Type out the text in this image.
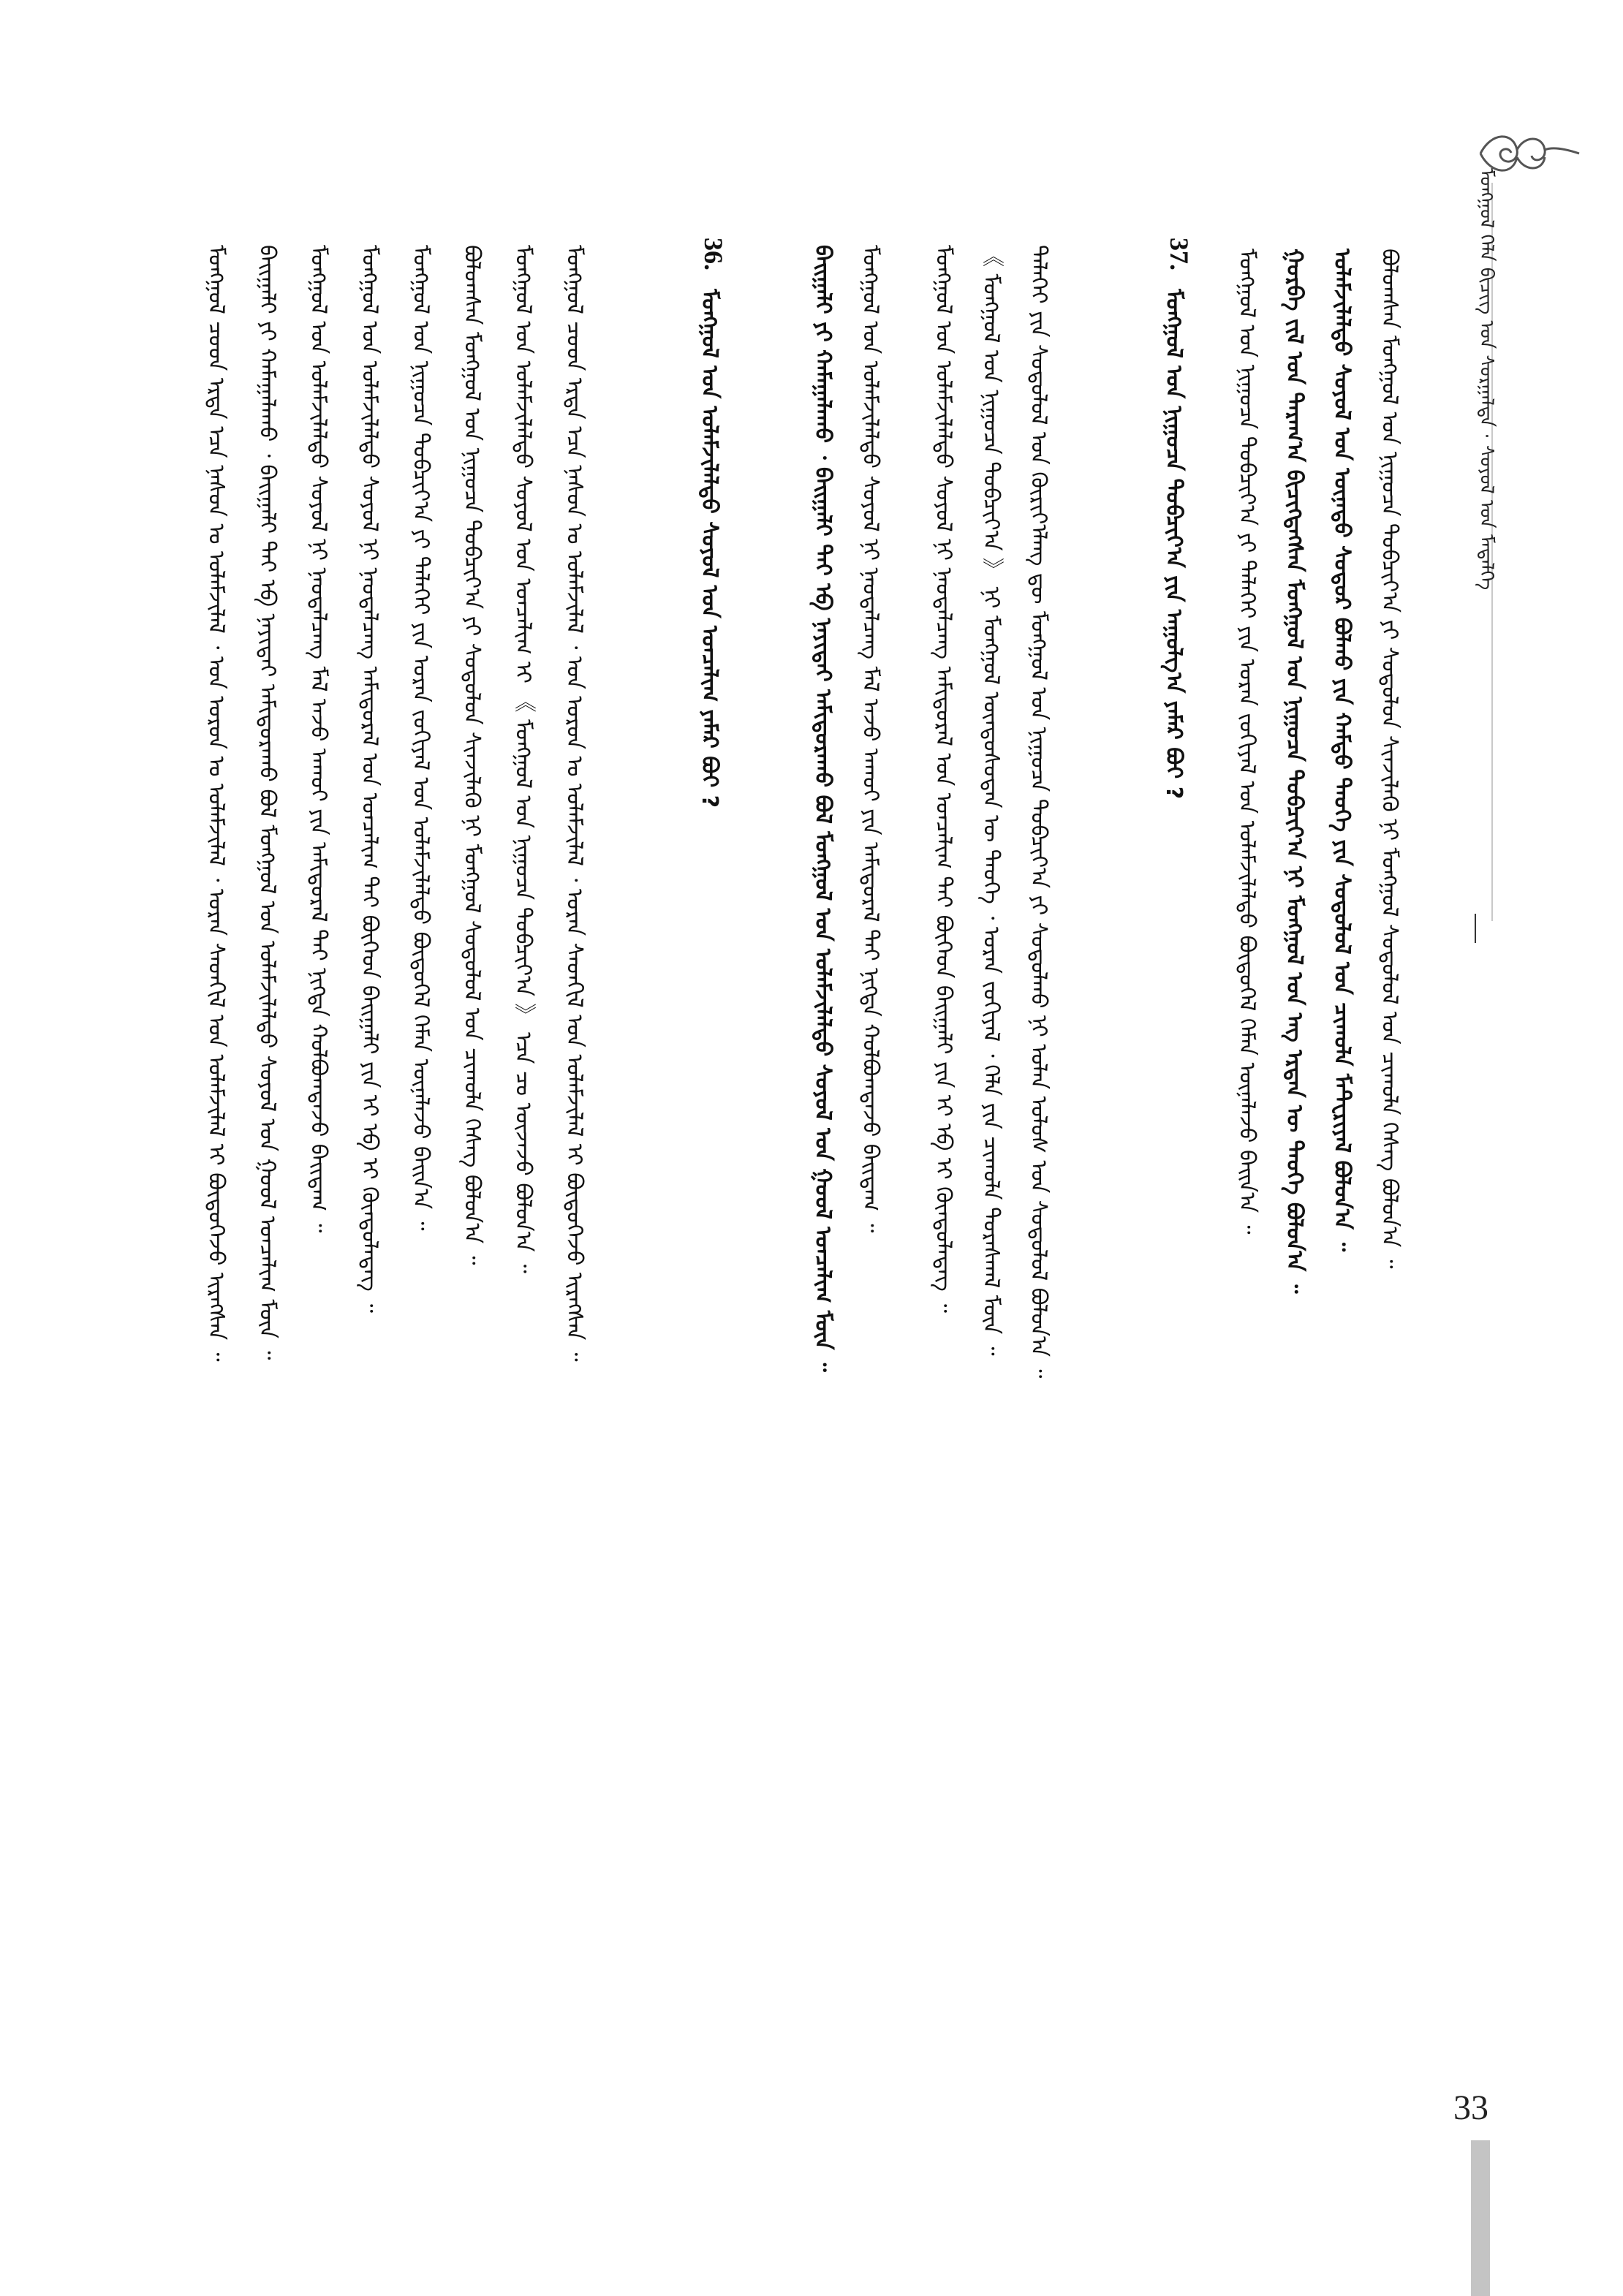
ᠮᠣᠩᠭᠣᠯ ᠬᠡᠯᠡ ᠪᠢᠴᠢᠭ᠌ ᠤᠨ ᠰᠤᠷᠭᠠᠯᠲᠠ · ᠰᠣᠶᠣᠯ ᠤᠨ ᠮᠡᠳᠡᠯᠭᠡ
37.
ᠮᠣᠩᠭᠣᠯ ᠤᠨ ᠨᠢᠭᠤᠴᠠ ᠲᠣᠪᠴᠢᠶ᠎ᠠ ᠶᠢᠨ ᠠᠭᠤᠯᠭ᠎ᠠ ᠶᠠᠮᠠᠷ ᠪᠣᠢ ?	ᠪᠣᠯᠤᠭᠰᠠᠨ ᠮᠣᠩᠭᠣᠯ ᠤᠨ ᠨᠢᠭᠤᠴᠠ ᠲᠣᠪᠴᠢᠶ᠎ᠠ ᠶᠢ ᠰᠤᠳᠤᠯᠤᠨ ᠰᠢᠨᠵᠢᠯᠡᠬᠦ ᠨᠢ ᠮᠣᠩᠭᠣᠯ ᠰᠤᠳᠤᠯᠤᠯ ᠤᠨ ᠴᠢᠬᠤᠯᠠ ᠬᠡᠰᠡᠭ ᠪᠣᠯᠤᠨ᠎ᠠ ᠃
ᠤᠯᠠᠮᠵᠢᠯᠠᠯᠲᠤ ᠰᠣᠶᠣᠯ ᠤᠨ ᠦᠨᠡᠲᠦ ᠰᠤᠳᠤᠷ ᠪᠣᠯᠬᠤ ᠶᠢᠨ ᠬᠠᠮᠲᠤ ᠲᠡᠦᠬᠡ ᠶᠢᠨ ᠰᠤᠳᠤᠯᠤᠯ ᠤᠨ ᠴᠢᠬᠤᠯᠠ ᠮᠠᠲ᠋ᠧᠷᠢᠶᠠᠯ ᠪᠣᠯᠤᠨ᠎ᠠ ᠃
ᠭᠤᠷᠪᠠ ᠵᠢᠯ ᠤᠨ ᠳᠠᠷᠠᠭ᠎ᠠ ᠪᠢᠴᠢᠭᠳᠡᠭᠰᠡᠨ ᠮᠣᠩᠭᠣᠯ ᠤᠨ ᠨᠢᠭᠤᠴᠠ ᠲᠣᠪᠴᠢᠶ᠎ᠠ ᠨᠢ ᠮᠣᠩᠭᠣᠯ ᠤᠨ ᠡᠩ ᠡᠷᠲᠡᠨ ᠦ ᠲᠡᠦᠬᠡ ᠪᠣᠯᠤᠨ᠎ᠠ ᠃
ᠮᠣᠩᠭᠣᠯ ᠤᠨ ᠨᠢᠭᠤᠴᠠ ᠲᠣᠪᠴᠢᠶ᠎ᠠ ᠶᠢ ᠳᠡᠯᠡᠬᠡᠢ ᠶᠢᠨ ᠤᠷᠠᠨ ᠵᠣᠬᠢᠶᠠᠯ ᠤᠨ ᠤᠯᠠᠮᠵᠢᠯᠠᠯᠲᠤ ᠪᠦᠲᠦᠭᠡᠯ ᠬᠡᠮᠡᠨ ᠦᠨᠡᠯᠡᠵᠦ ᠪᠠᠢᠨ᠎ᠠ ᠃
ᠳᠡᠯᠡᠬᠡᠢ ᠶᠢᠨ ᠰᠤᠳᠤᠯᠤᠯ ᠤᠨ ᠬᠦᠷᠢᠶ᠎ᠡᠯᠡᠩ ᠳᠦ ᠮᠣᠩᠭᠣᠯ ᠤᠨ ᠨᠢᠭᠤᠴᠠ ᠲᠣᠪᠴᠢᠶ᠎ᠠ ᠶᠢ ᠰᠤᠳᠤᠯᠬᠤ ᠨᠢ ᠣᠯᠠᠨ ᠤᠯᠤᠰ ᠤᠨ ᠰᠤᠳᠤᠯᠤᠯ ᠪᠣᠯᠤᠨ᠎ᠠ ᠃
《 ᠮᠣᠩᠭᠣᠯ ᠤᠨ ᠨᠢᠭᠤᠴᠠ ᠲᠣᠪᠴᠢᠶ᠎ᠠ 》 ᠨᠢ ᠮᠣᠩᠭᠣᠯ ᠦᠨᠳᠦᠰᠦᠲᠡᠨ ᠦ ᠲᠡᠦᠬᠡ ᠂ ᠤᠷᠠᠨ ᠵᠣᠬᠢᠶᠠᠯ ᠂ ᠬᠡᠯᠡ ᠶᠢᠨ ᠴᠢᠬᠤᠯᠠ ᠳᠤᠷᠠᠰᠬᠠᠯ ᠮᠥᠨ ᠃
ᠮᠣᠩᠭᠣᠯ ᠤᠨ ᠤᠯᠠᠮᠵᠢᠯᠠᠯᠲᠤ ᠰᠣᠶᠣᠯ ᠨᠢ ᠨᠡᠦᠳᠡᠯᠴᠡᠩ ᠠᠮᠢᠳᠤᠷᠠᠯ ᠤᠨ ᠣᠨᠴᠠᠯᠢᠭ ᠲᠠᠢ ᠪᠥᠭᠡᠳ ᠪᠠᠢᠭᠠᠯᠢ ᠶᠢᠨ ᠡᠶ ᠡᠪ ᠢ ᠬᠦᠨᠳᠦᠯᠡᠳᠡᠭ ᠃
ᠮᠣᠩᠭᠣᠯ ᠤᠨ ᠤᠯᠠᠮᠵᠢᠯᠠᠯᠲᠤ ᠰᠣᠶᠣᠯ ᠨᠢ ᠨᠡᠦᠳᠡᠯᠴᠡᠩ ᠮᠠᠯ ᠠᠵᠤ ᠠᠬᠤᠢ ᠶᠢᠨ ᠠᠮᠢᠳᠤᠷᠠᠯ ᠲᠠᠢ ᠨᠢᠭᠲᠡ ᠬᠣᠯᠪᠣᠭᠳᠠᠵᠤ ᠪᠠᠢᠳᠠᠭ ᠃
ᠪᠠᠢᠭᠠᠯᠢ ᠶᠢ ᠬᠠᠮᠠᠭᠠᠯᠠᠬᠤ ᠂ ᠪᠠᠢᠭᠠᠯᠢ ᠲᠠᠢ ᠡᠪ ᠨᠡᠶᠢᠲᠡᠢ ᠠᠮᠢᠳᠤᠷᠠᠬᠤ ᠪᠣᠯ ᠮᠣᠩᠭᠣᠯ ᠤᠨ ᠤᠯᠠᠮᠵᠢᠯᠠᠯᠲᠤ ᠰᠣᠶᠣᠯ ᠤᠨ ᠭᠣᠣᠯ ᠣᠨᠴᠠᠯᠢᠭ ᠮᠥᠨ ᠃
36.
ᠮᠣᠩᠭᠣᠯ ᠤᠨ ᠤᠯᠠᠮᠵᠢᠯᠠᠯᠲᠤ ᠰᠣᠶᠣᠯ ᠤᠨ ᠣᠨᠴᠠᠯᠢᠭ ᠶᠠᠮᠠᠷ ᠪᠣᠢ ?
ᠮᠣᠩᠭᠣᠯ ᠴᠤᠳ ᠡᠷᠲᠡ ᠡᠴᠡ ᠨᠠᠰᠤᠨ ᠤ ᠤᠯᠠᠮᠵᠢᠯᠠᠯ ᠂ ᠡᠳ ᠣᠷᠣᠨ ᠤ ᠤᠯᠠᠮᠵᠢᠯᠠᠯ ᠂ ᠤᠷᠠᠨ ᠰᠡᠳᠬᠢᠯ ᠤᠨ ᠤᠯᠠᠮᠵᠢᠯᠠᠯ ᠢ ᠪᠦᠲᠦᠭᠡᠵᠦ ᠢᠷᠡᠭᠰᠡᠨ ᠃
ᠮᠣᠩᠭᠣᠯ ᠤᠨ ᠤᠯᠠᠮᠵᠢᠯᠠᠯᠲᠤ ᠰᠣᠶᠣᠯ ᠤᠨ ᠣᠨᠴᠠᠯᠢᠭ ᠢ 《 ᠮᠣᠩᠭᠣᠯ ᠤᠨ ᠨᠢᠭᠤᠴᠠ ᠲᠣᠪᠴᠢᠶ᠎ᠠ 》 ᠡᠴᠡ ᠴᠤ ᠦᠵᠡᠵᠦ ᠪᠣᠯᠤᠨ᠎ᠠ ᠃
ᠪᠣᠯᠤᠭᠰᠠᠨ ᠮᠣᠩᠭᠣᠯ ᠤᠨ ᠨᠢᠭᠤᠴᠠ ᠲᠣᠪᠴᠢᠶ᠎ᠠ ᠶᠢ ᠰᠤᠳᠤᠯᠤᠨ ᠰᠢᠨᠵᠢᠯᠡᠬᠦ ᠨᠢ ᠮᠣᠩᠭᠣᠯ ᠰᠤᠳᠤᠯᠤᠯ ᠤᠨ ᠴᠢᠬᠤᠯᠠ ᠬᠡᠰᠡᠭ ᠪᠣᠯᠤᠨ᠎ᠠ ᠃
ᠮᠣᠩᠭᠣᠯ ᠤᠨ ᠨᠢᠭᠤᠴᠠ ᠲᠣᠪᠴᠢᠶ᠎ᠠ ᠶᠢ ᠳᠡᠯᠡᠬᠡᠢ ᠶᠢᠨ ᠤᠷᠠᠨ ᠵᠣᠬᠢᠶᠠᠯ ᠤᠨ ᠤᠯᠠᠮᠵᠢᠯᠠᠯᠲᠤ ᠪᠦᠲᠦᠭᠡᠯ ᠬᠡᠮᠡᠨ ᠦᠨᠡᠯᠡᠵᠦ ᠪᠠᠢᠨ᠎ᠠ ᠃
ᠮᠣᠩᠭᠣᠯ ᠤᠨ ᠤᠯᠠᠮᠵᠢᠯᠠᠯᠲᠤ ᠰᠣᠶᠣᠯ ᠨᠢ ᠨᠡᠦᠳᠡᠯᠴᠡᠩ ᠠᠮᠢᠳᠤᠷᠠᠯ ᠤᠨ ᠣᠨᠴᠠᠯᠢᠭ ᠲᠠᠢ ᠪᠥᠭᠡᠳ ᠪᠠᠢᠭᠠᠯᠢ ᠶᠢᠨ ᠡᠶ ᠡᠪ ᠢ ᠬᠦᠨᠳᠦᠯᠡᠳᠡᠭ ᠃
ᠮᠣᠩᠭᠣᠯ ᠤᠨ ᠤᠯᠠᠮᠵᠢᠯᠠᠯᠲᠤ ᠰᠣᠶᠣᠯ ᠨᠢ ᠨᠡᠦᠳᠡᠯᠴᠡᠩ ᠮᠠᠯ ᠠᠵᠤ ᠠᠬᠤᠢ ᠶᠢᠨ ᠠᠮᠢᠳᠤᠷᠠᠯ ᠲᠠᠢ ᠨᠢᠭᠲᠡ ᠬᠣᠯᠪᠣᠭᠳᠠᠵᠤ ᠪᠠᠢᠳᠠᠭ ᠃
ᠪᠠᠢᠭᠠᠯᠢ ᠶᠢ ᠬᠠᠮᠠᠭᠠᠯᠠᠬᠤ ᠂ ᠪᠠᠢᠭᠠᠯᠢ ᠲᠠᠢ ᠡᠪ ᠨᠡᠶᠢᠲᠡᠢ ᠠᠮᠢᠳᠤᠷᠠᠬᠤ ᠪᠣᠯ ᠮᠣᠩᠭᠣᠯ ᠤᠨ ᠤᠯᠠᠮᠵᠢᠯᠠᠯᠲᠤ ᠰᠣᠶᠣᠯ ᠤᠨ ᠭᠣᠣᠯ ᠣᠨᠴᠠᠯᠢᠭ ᠮᠥᠨ ᠃
ᠮᠣᠩᠭᠣᠯ ᠴᠤᠳ ᠡᠷᠲᠡ ᠡᠴᠡ ᠨᠠᠰᠤᠨ ᠤ ᠤᠯᠠᠮᠵᠢᠯᠠᠯ ᠂ ᠡᠳ ᠣᠷᠣᠨ ᠤ ᠤᠯᠠᠮᠵᠢᠯᠠᠯ ᠂ ᠤᠷᠠᠨ ᠰᠡᠳᠬᠢᠯ ᠤᠨ ᠤᠯᠠᠮᠵᠢᠯᠠᠯ ᠢ ᠪᠦᠲᠦᠭᠡᠵᠦ ᠢᠷᠡᠭᠰᠡᠨ ᠃
33
